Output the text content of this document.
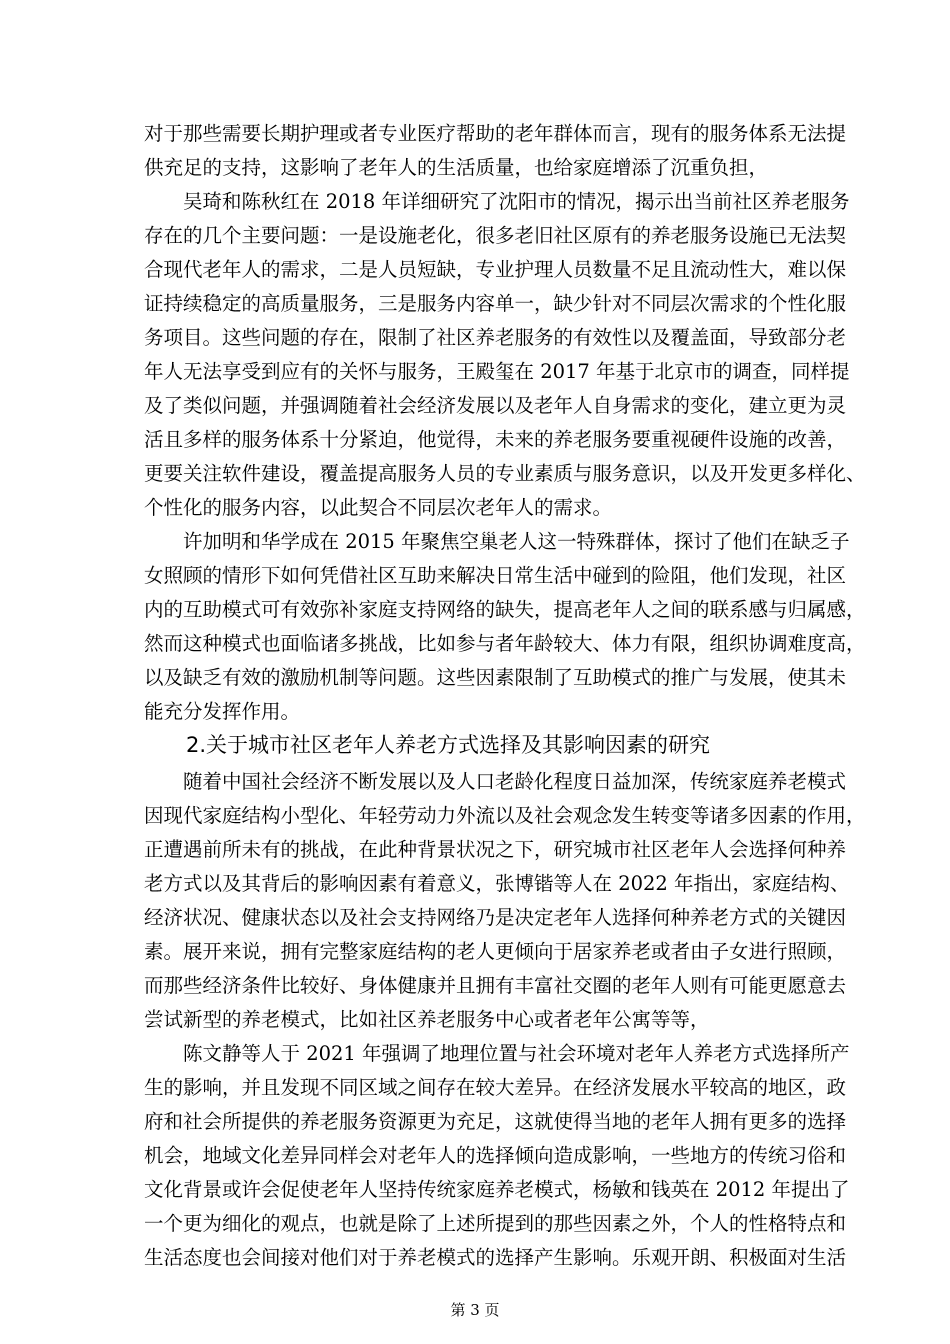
对于那些需要长期护理或者专业医疗帮助的老年群体而言，现有的服务体系无法提
供充足的支持，这影响了老年人的生活质量，也给家庭增添了沉重负担，
　　吴琦和陈秋红在 2018 年详细研究了沈阳市的情况，揭示出当前社区养老服务
存在的几个主要问题：一是设施老化，很多老旧社区原有的养老服务设施已无法契
合现代老年人的需求，二是人员短缺，专业护理人员数量不足且流动性大，难以保
证持续稳定的高质量服务，三是服务内容单一，缺少针对不同层次需求的个性化服
务项目。这些问题的存在，限制了社区养老服务的有效性以及覆盖面，导致部分老
年人无法享受到应有的关怀与服务，王殿玺在 2017 年基于北京市的调查，同样提
及了类似问题，并强调随着社会经济发展以及老年人自身需求的变化，建立更为灵
活且多样的服务体系十分紧迫，他觉得，未来的养老服务要重视硬件设施的改善，
更要关注软件建设，覆盖提高服务人员的专业素质与服务意识，以及开发更多样化、
个性化的服务内容，以此契合不同层次老年人的需求。
　　许加明和华学成在 2015 年聚焦空巢老人这一特殊群体，探讨了他们在缺乏子
女照顾的情形下如何凭借社区互助来解决日常生活中碰到的险阻，他们发现，社区
内的互助模式可有效弥补家庭支持网络的缺失，提高老年人之间的联系感与归属感，
然而这种模式也面临诸多挑战，比如参与者年龄较大、体力有限，组织协调难度高，
以及缺乏有效的激励机制等问题。这些因素限制了互助模式的推广与发展，使其未
能充分发挥作用。
2.关于城市社区老年人养老方式选择及其影响因素的研究
　　随着中国社会经济不断发展以及人口老龄化程度日益加深，传统家庭养老模式
因现代家庭结构小型化、年轻劳动力外流以及社会观念发生转变等诸多因素的作用，
正遭遇前所未有的挑战，在此种背景状况之下，研究城市社区老年人会选择何种养
老方式以及其背后的影响因素有着意义，张博锴等人在 2022 年指出，家庭结构、
经济状况、健康状态以及社会支持网络乃是决定老年人选择何种养老方式的关键因
素。展开来说，拥有完整家庭结构的老人更倾向于居家养老或者由子女进行照顾，
而那些经济条件比较好、身体健康并且拥有丰富社交圈的老年人则有可能更愿意去
尝试新型的养老模式，比如社区养老服务中心或者老年公寓等等，
　　陈文静等人于 2021 年强调了地理位置与社会环境对老年人养老方式选择所产
生的影响，并且发现不同区域之间存在较大差异。在经济发展水平较高的地区，政
府和社会所提供的养老服务资源更为充足，这就使得当地的老年人拥有更多的选择
机会，地域文化差异同样会对老年人的选择倾向造成影响，一些地方的传统习俗和
文化背景或许会促使老年人坚持传统家庭养老模式，杨敏和钱英在 2012 年提出了
一个更为细化的观点，也就是除了上述所提到的那些因素之外，个人的性格特点和
生活态度也会间接对他们对于养老模式的选择产生影响。乐观开朗、积极面对生活
第 3 页
